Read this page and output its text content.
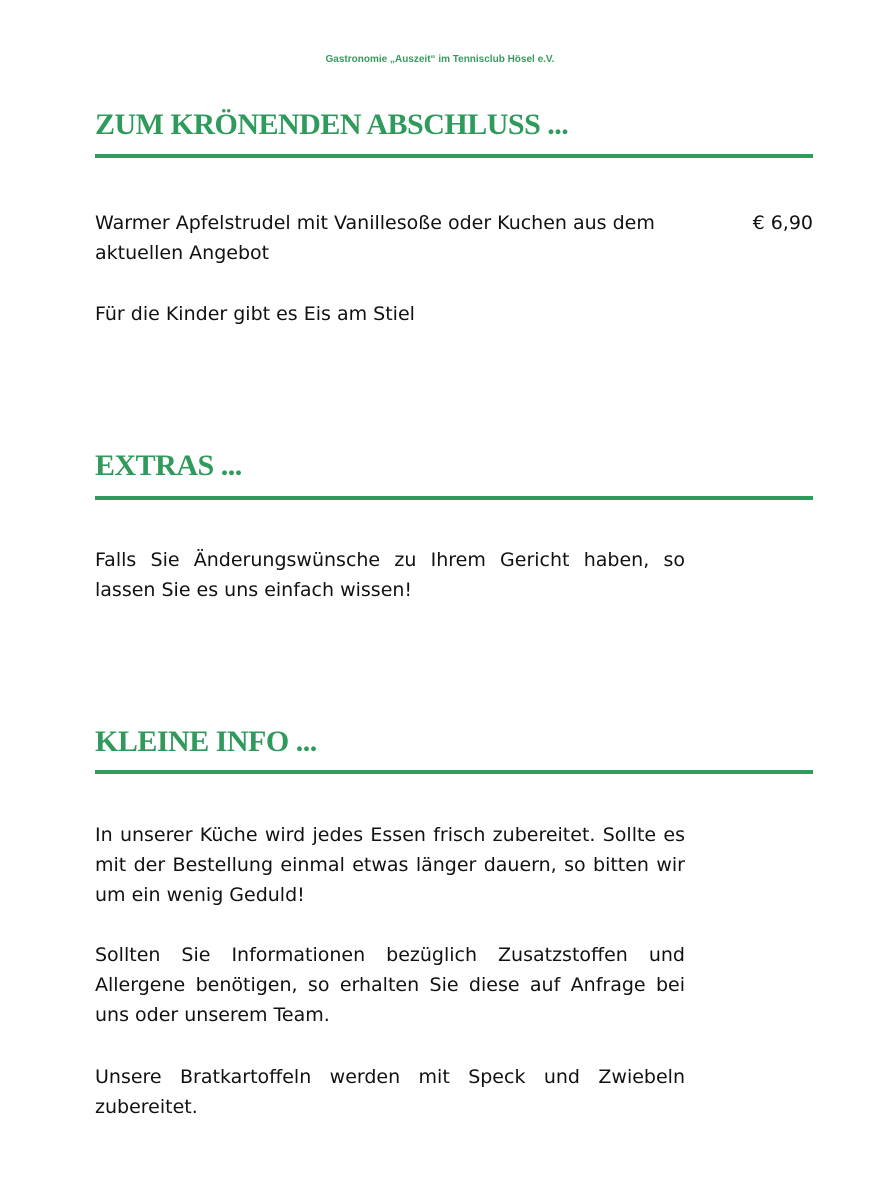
Gastronomie „Auszeit“ im Tennisclub Hösel e.V.
ZUM KRÖNENDEN ABSCHLUSS ...

Warmer Apfelstrudel mit Vanillesoße oder Kuchen aus dem aktuellen Angebot

€ 6,90

Für die Kinder gibt es Eis am Stiel

EXTRAS ...

Falls Sie Änderungswünsche zu Ihrem Gericht haben, so lassen Sie es uns einfach wissen!

KLEINE INFO ...

In unserer Küche wird jedes Essen frisch zubereitet. Sollte es mit der Bestellung einmal etwas länger dauern, so bitten wir um ein wenig Geduld!

Sollten Sie Informationen bezüglich Zusatzstoffen und Allergene benötigen, so erhalten Sie diese auf Anfrage bei uns oder unserem Team.

Unsere Bratkartoffeln werden mit Speck und Zwiebeln zubereitet.
